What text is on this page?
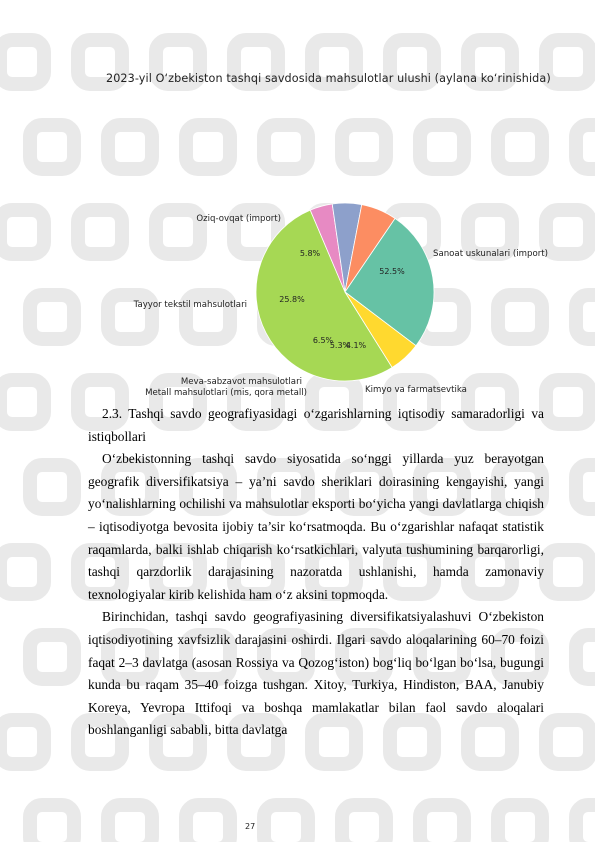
2023-yil O‘zbekiston tashqi savdosida mahsulotlar ulushi (aylana ko‘rinishida)
52.5%
4.1%
5.3%
6.5%
25.8%
5.8%	Sanoat uskunalari (import)
Kimyo va farmatsevtika
Metall mahsulotlari (mis, qora metall)
Meva-sabzavot mahsulotlari
Tayyor tekstil mahsulotlari
Oziq-ovqat (import)

2.3. Tashqi savdo geografiyasidagi o‘zgarishlarning iqtisodiy samaradorligi va istiqbollari

O‘zbekistonning tashqi savdo siyosatida so‘nggi yillarda yuz berayotgan geografik diversifikatsiya – ya’ni savdo sheriklari doirasining kengayishi, yangi yo‘nalishlarning ochilishi va mahsulotlar eksporti bo‘yicha yangi davlatlarga chiqish – iqtisodiyotga bevosita ijobiy ta’sir ko‘rsatmoqda. Bu o‘zgarishlar nafaqat statistik raqamlarda, balki ishlab chiqarish ko‘rsatkichlari, valyuta tushumining barqarorligi, tashqi qarzdorlik darajasining nazoratda ushlanishi, hamda zamonaviy texnologiyalar kirib kelishida ham o‘z aksini topmoqda.

Birinchidan, tashqi savdo geografiyasining diversifikatsiyalashuvi O‘zbekiston iqtisodiyotining xavfsizlik darajasini oshirdi. Ilgari savdo aloqalarining 60–70 foizi faqat 2–3 davlatga (asosan Rossiya va Qozog‘iston) bog‘liq bo‘lgan bo‘lsa, bugungi kunda bu raqam 35–40 foizga tushgan. Xitoy, Turkiya, Hindiston, BAA, Janubiy Koreya, Yevropa Ittifoqi va boshqa mamlakatlar bilan faol savdo aloqalari boshlanganligi sababli, bitta davlatga

27
